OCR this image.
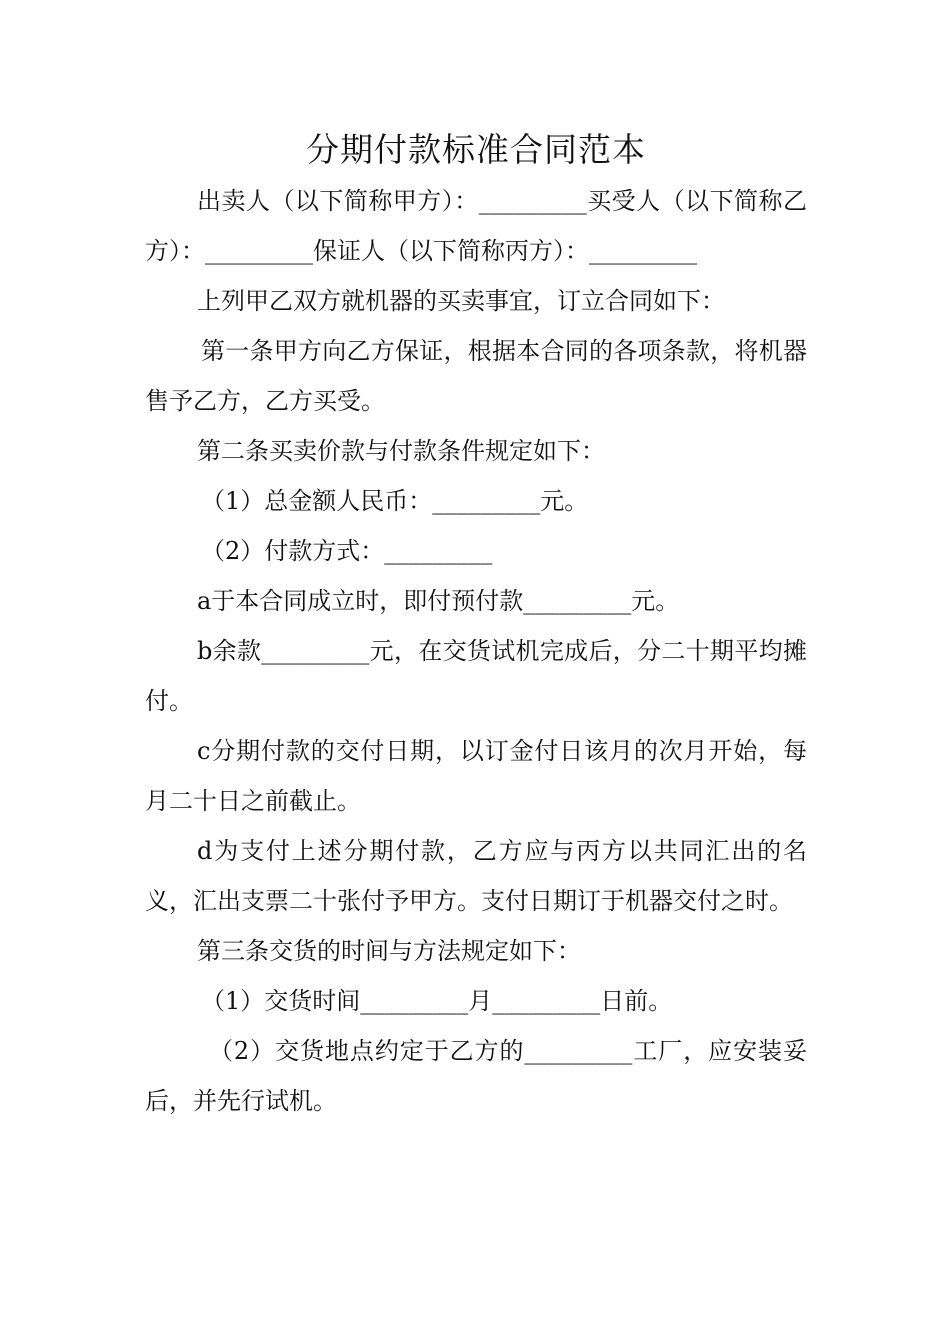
分期付款标准合同范本

出卖人（以下简称甲方）：_________买受人（以下简称乙方）：_________保证人（以下简称丙方）：_________

上列甲乙双方就机器的买卖事宜，订立合同如下：

第一条甲方向乙方保证，根据本合同的各项条款，将机器售予乙方，乙方买受。

第二条买卖价款与付款条件规定如下：

（1）总金额人民币：_________元。

（2）付款方式：_________

a于本合同成立时，即付预付款_________元。

b余款_________元，在交货试机完成后，分二十期平均摊付。

c分期付款的交付日期，以订金付日该月的次月开始，每月二十日之前截止。

d为支付上述分期付款，乙方应与丙方以共同汇出的名义，汇出支票二十张付予甲方。支付日期订于机器交付之时。

第三条交货的时间与方法规定如下：

（1）交货时间_________月_________日前。

（2）交货地点约定于乙方的_________工厂，应安装妥后，并先行试机。
